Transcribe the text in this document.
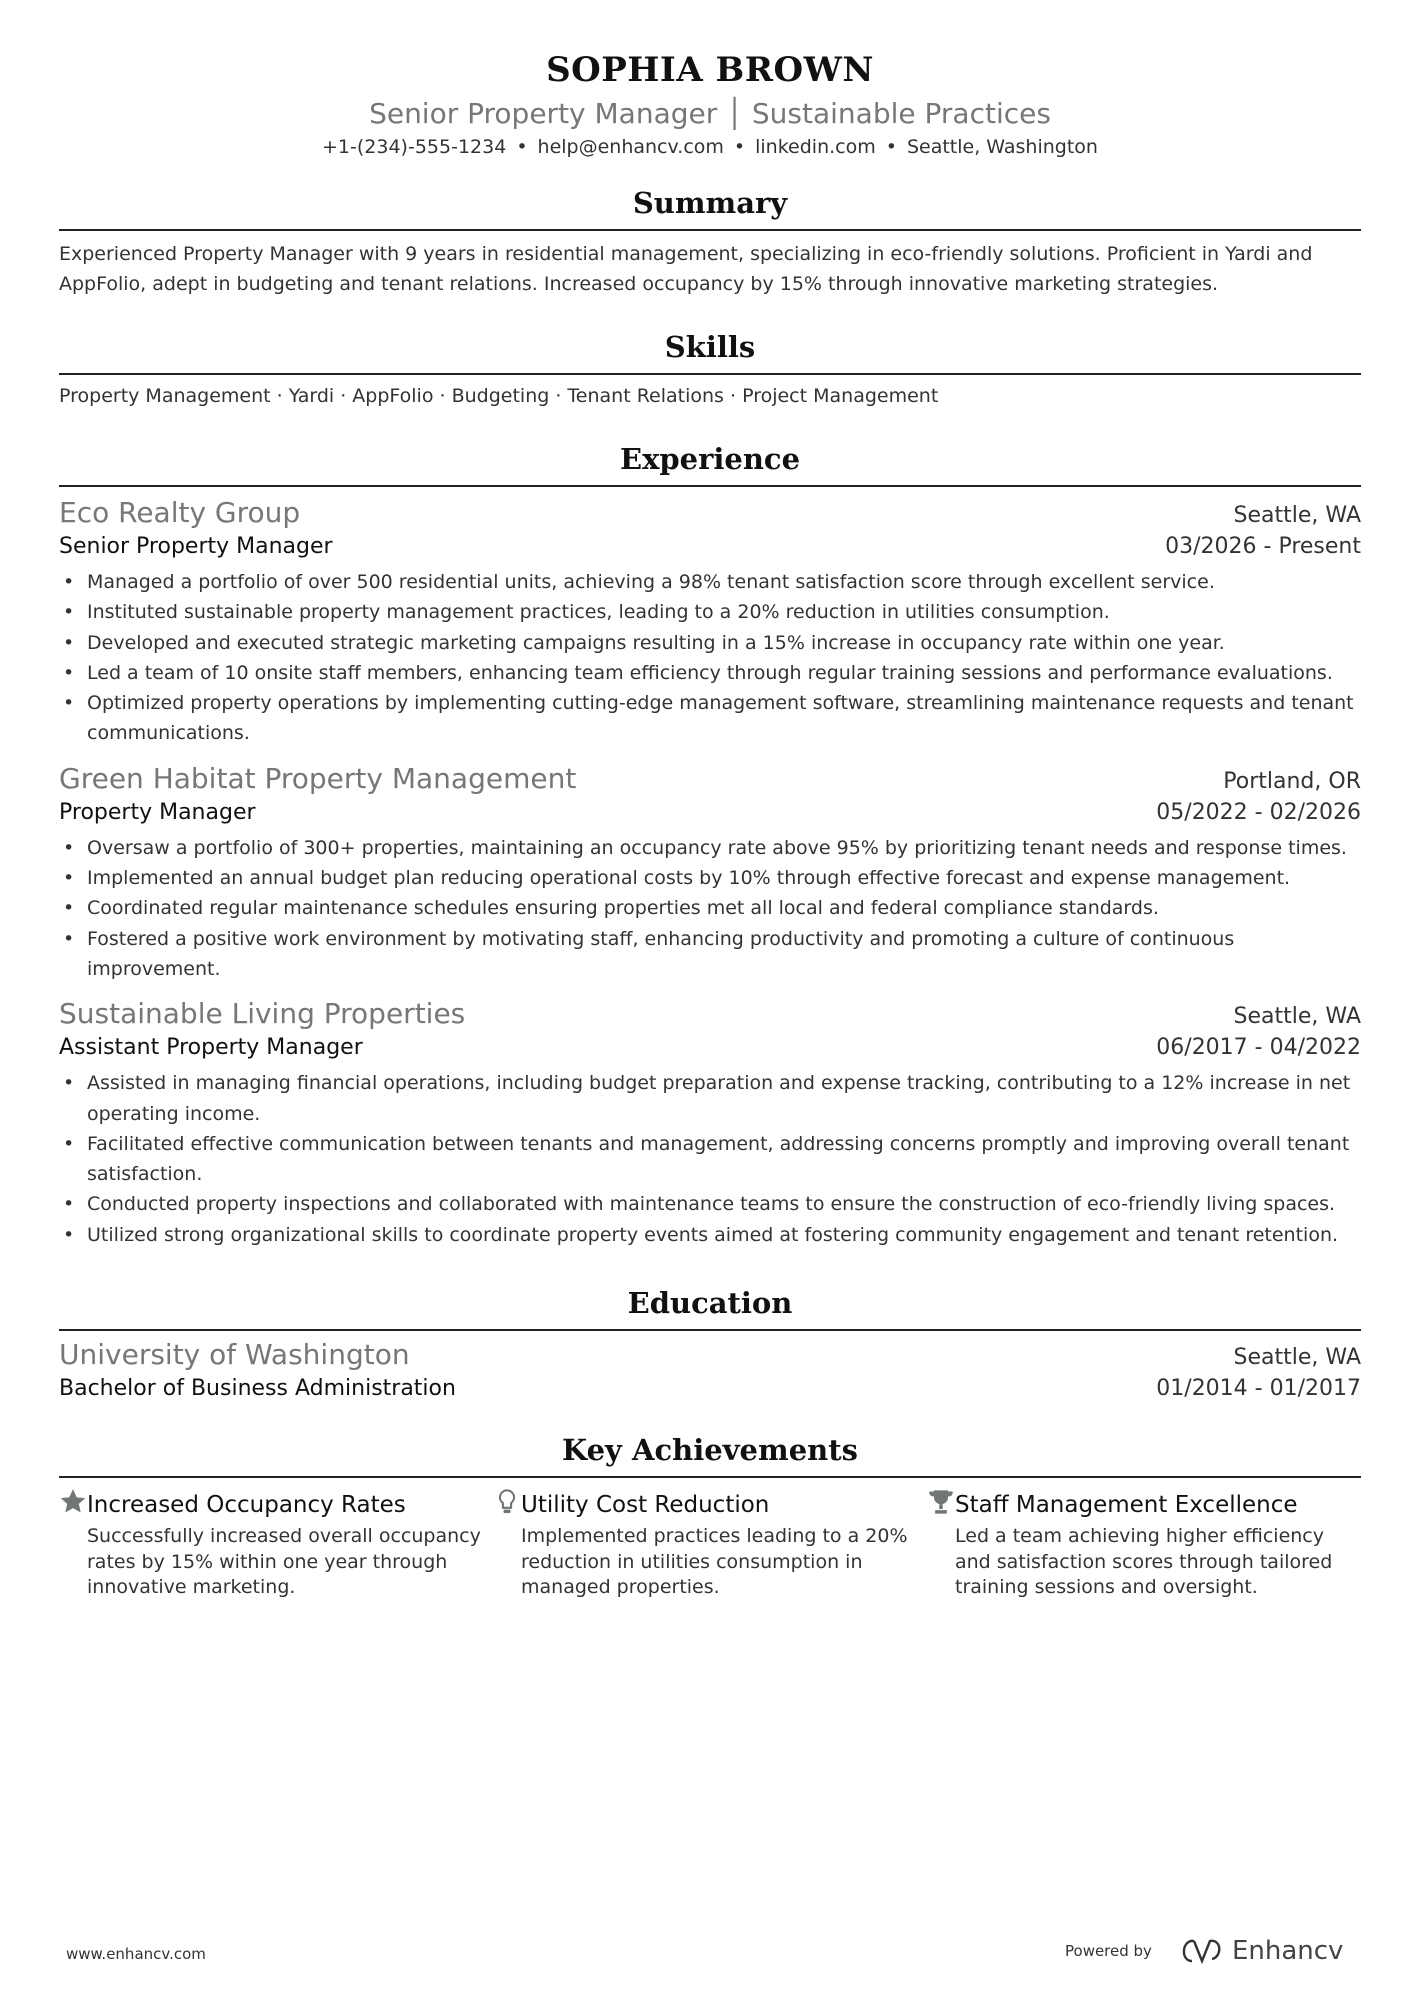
SOPHIA BROWN
Senior Property Manager │ Sustainable Practices
+1-(234)-555-1234 • help@enhancv.com • linkedin.com • Seattle, Washington
Summary
Experienced Property Manager with 9 years in residential management, specializing in eco-friendly solutions. Proficient in Yardi and AppFolio, adept in budgeting and tenant relations. Increased occupancy by 15% through innovative marketing strategies.
Skills
Property Management · Yardi · AppFolio · Budgeting · Tenant Relations · Project Management
Experience
Eco Realty Group	Seattle, WA
Senior Property Manager	03/2026 - Present
• Managed a portfolio of over 500 residential units, achieving a 98% tenant satisfaction score through excellent service.
• Instituted sustainable property management practices, leading to a 20% reduction in utilities consumption.
• Developed and executed strategic marketing campaigns resulting in a 15% increase in occupancy rate within one year.
• Led a team of 10 onsite staff members, enhancing team efficiency through regular training sessions and performance evaluations.
• Optimized property operations by implementing cutting-edge management software, streamlining maintenance requests and tenant communications.
Green Habitat Property Management	Portland, OR
Property Manager	05/2022 - 02/2026
• Oversaw a portfolio of 300+ properties, maintaining an occupancy rate above 95% by prioritizing tenant needs and response times.
• Implemented an annual budget plan reducing operational costs by 10% through effective forecast and expense management.
• Coordinated regular maintenance schedules ensuring properties met all local and federal compliance standards.
• Fostered a positive work environment by motivating staff, enhancing productivity and promoting a culture of continuous improvement.
Sustainable Living Properties	Seattle, WA
Assistant Property Manager	06/2017 - 04/2022
• Assisted in managing financial operations, including budget preparation and expense tracking, contributing to a 12% increase in net operating income.
• Facilitated effective communication between tenants and management, addressing concerns promptly and improving overall tenant satisfaction.
• Conducted property inspections and collaborated with maintenance teams to ensure the construction of eco-friendly living spaces.
• Utilized strong organizational skills to coordinate property events aimed at fostering community engagement and tenant retention.
Education
University of Washington	Seattle, WA
Bachelor of Business Administration	01/2014 - 01/2017
Key Achievements
Increased Occupancy Rates
Successfully increased overall occupancy rates by 15% within one year through innovative marketing.
Utility Cost Reduction
Implemented practices leading to a 20% reduction in utilities consumption in managed properties.
Staff Management Excellence
Led a team achieving higher efficiency and satisfaction scores through tailored training sessions and oversight.
www.enhancv.com	Powered by	Enhancv
